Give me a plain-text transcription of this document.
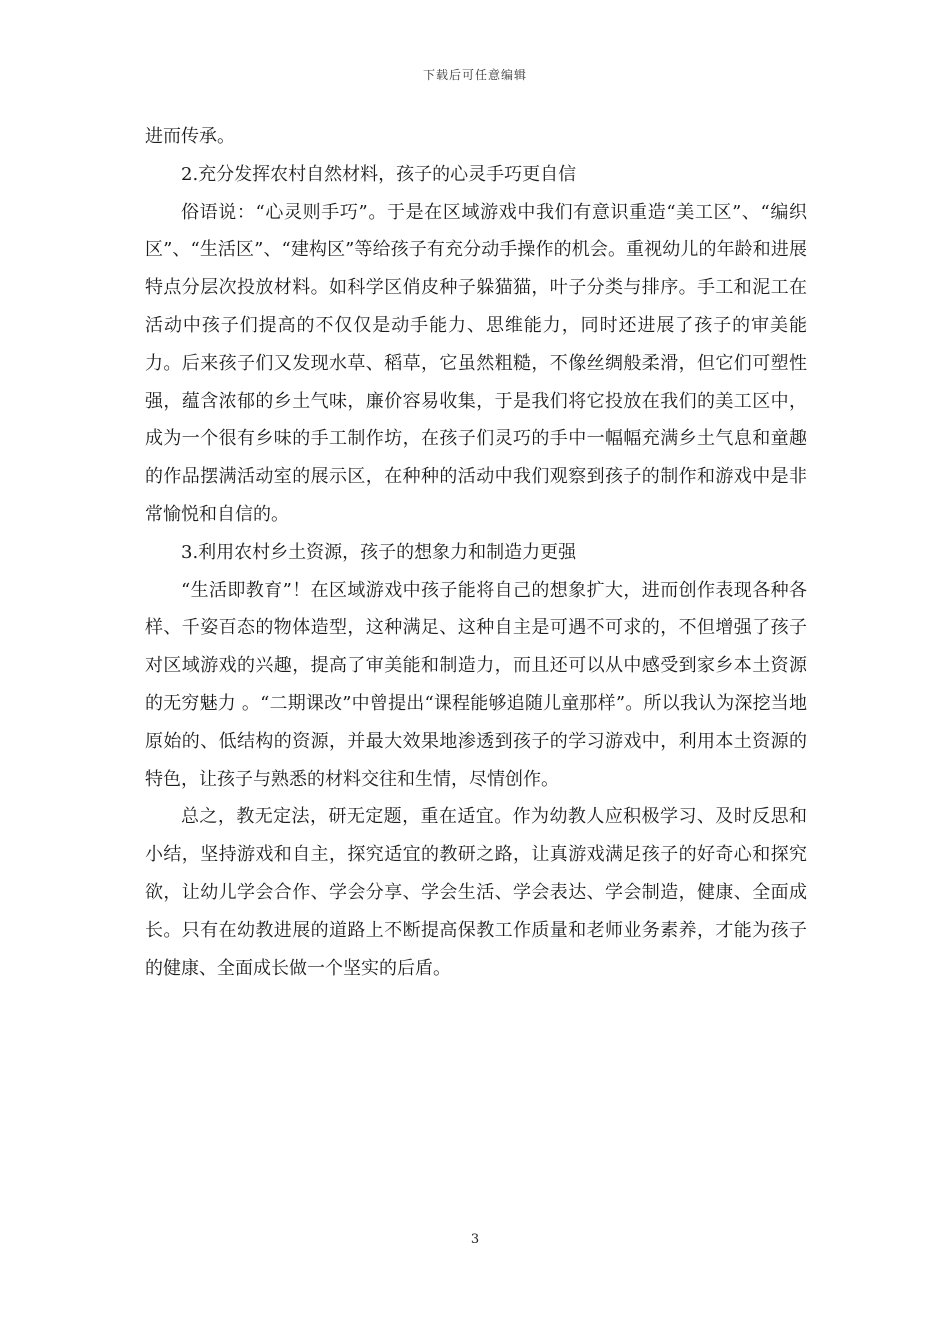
下载后可任意编辑

进而传承。

2.充分发挥农村自然材料，孩子的心灵手巧更自信

俗语说：“心灵则手巧”。于是在区域游戏中我们有意识重造“美工区”、“编织区”、“生活区”、“建构区”等给孩子有充分动手操作的机会。重视幼儿的年龄和进展特点分层次投放材料。如科学区俏皮种子躲猫猫，叶子分类与排序。手工和泥工在活动中孩子们提高的不仅仅是动手能力、思维能力，同时还进展了孩子的审美能力。后来孩子们又发现水草、稻草，它虽然粗糙，不像丝绸般柔滑，但它们可塑性强，蕴含浓郁的乡土气味，廉价容易收集，于是我们将它投放在我们的美工区中，成为一个很有乡味的手工制作坊，在孩子们灵巧的手中一幅幅充满乡土气息和童趣的作品摆满活动室的展示区，在种种的活动中我们观察到孩子的制作和游戏中是非常愉悦和自信的。

3.利用农村乡土资源，孩子的想象力和制造力更强

“生活即教育”！在区域游戏中孩子能将自己的想象扩大，进而创作表现各种各样、千姿百态的物体造型，这种满足、这种自主是可遇不可求的，不但增强了孩子对区域游戏的兴趣，提高了审美能和制造力，而且还可以从中感受到家乡本土资源的无穷魅力 。“二期课改”中曾提出“课程能够追随儿童那样”。所以我认为深挖当地原始的、低结构的资源，并最大效果地渗透到孩子的学习游戏中，利用本土资源的特色，让孩子与熟悉的材料交往和生情，尽情创作。

总之，教无定法，研无定题，重在适宜。作为幼教人应积极学习、及时反思和小结，坚持游戏和自主，探究适宜的教研之路，让真游戏满足孩子的好奇心和探究欲，让幼儿学会合作、学会分享、学会生活、学会表达、学会制造，健康、全面成长。只有在幼教进展的道路上不断提高保教工作质量和老师业务素养，才能为孩子的健康、全面成长做一个坚实的后盾。

3
